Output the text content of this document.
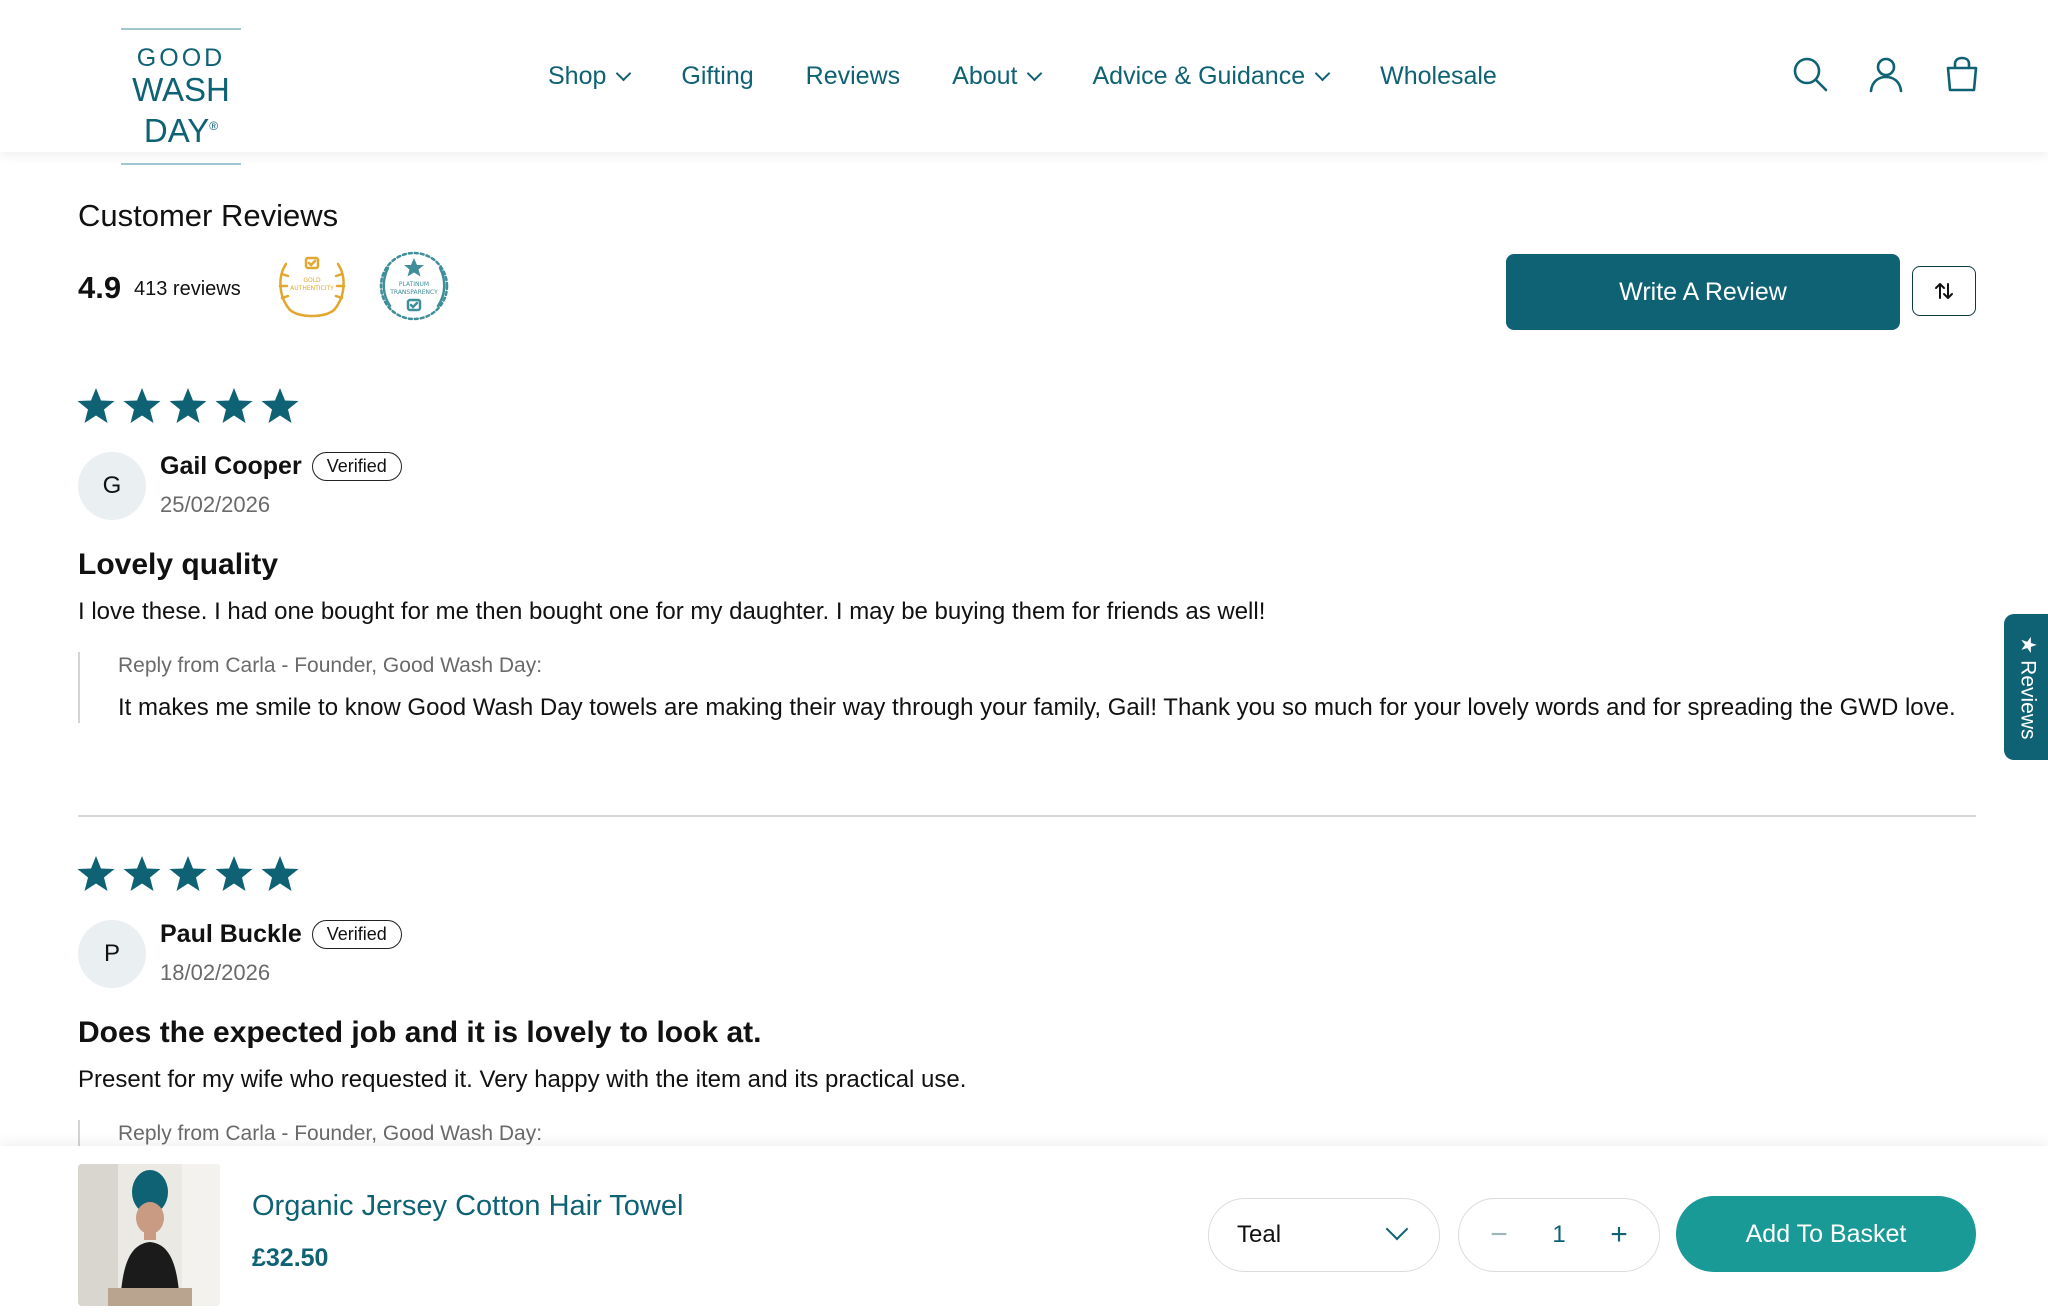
GOOD
WASH DAY®
Shop	Gifting Reviews About	Advice & Guidance	Wholesale
Customer Reviews
4.9 413 reviews	GOLD
AUTHENTICITY
PLATINUM
TRANSPARENCY	Write A Review
G
Gail Cooper	Verified
25/02/2026
Lovely quality
I love these. I had one bought for me then bought one for my daughter. I may be buying them for friends as well!
Reply from Carla - Founder, Good Wash Day:
It makes me smile to know Good Wash Day towels are making their way through your family, Gail! Thank you so much for your lovely words and for spreading the GWD love.
P
Paul Buckle	Verified
18/02/2026
Does the expected job and it is lovely to look at.
Present for my wife who requested it. Very happy with the item and its practical use.
Reply from Carla - Founder, Good Wash Day:
★ Reviews
Organic Jersey Cotton Hair Towel
£32.50
Teal	− 1 +	Add To Basket
